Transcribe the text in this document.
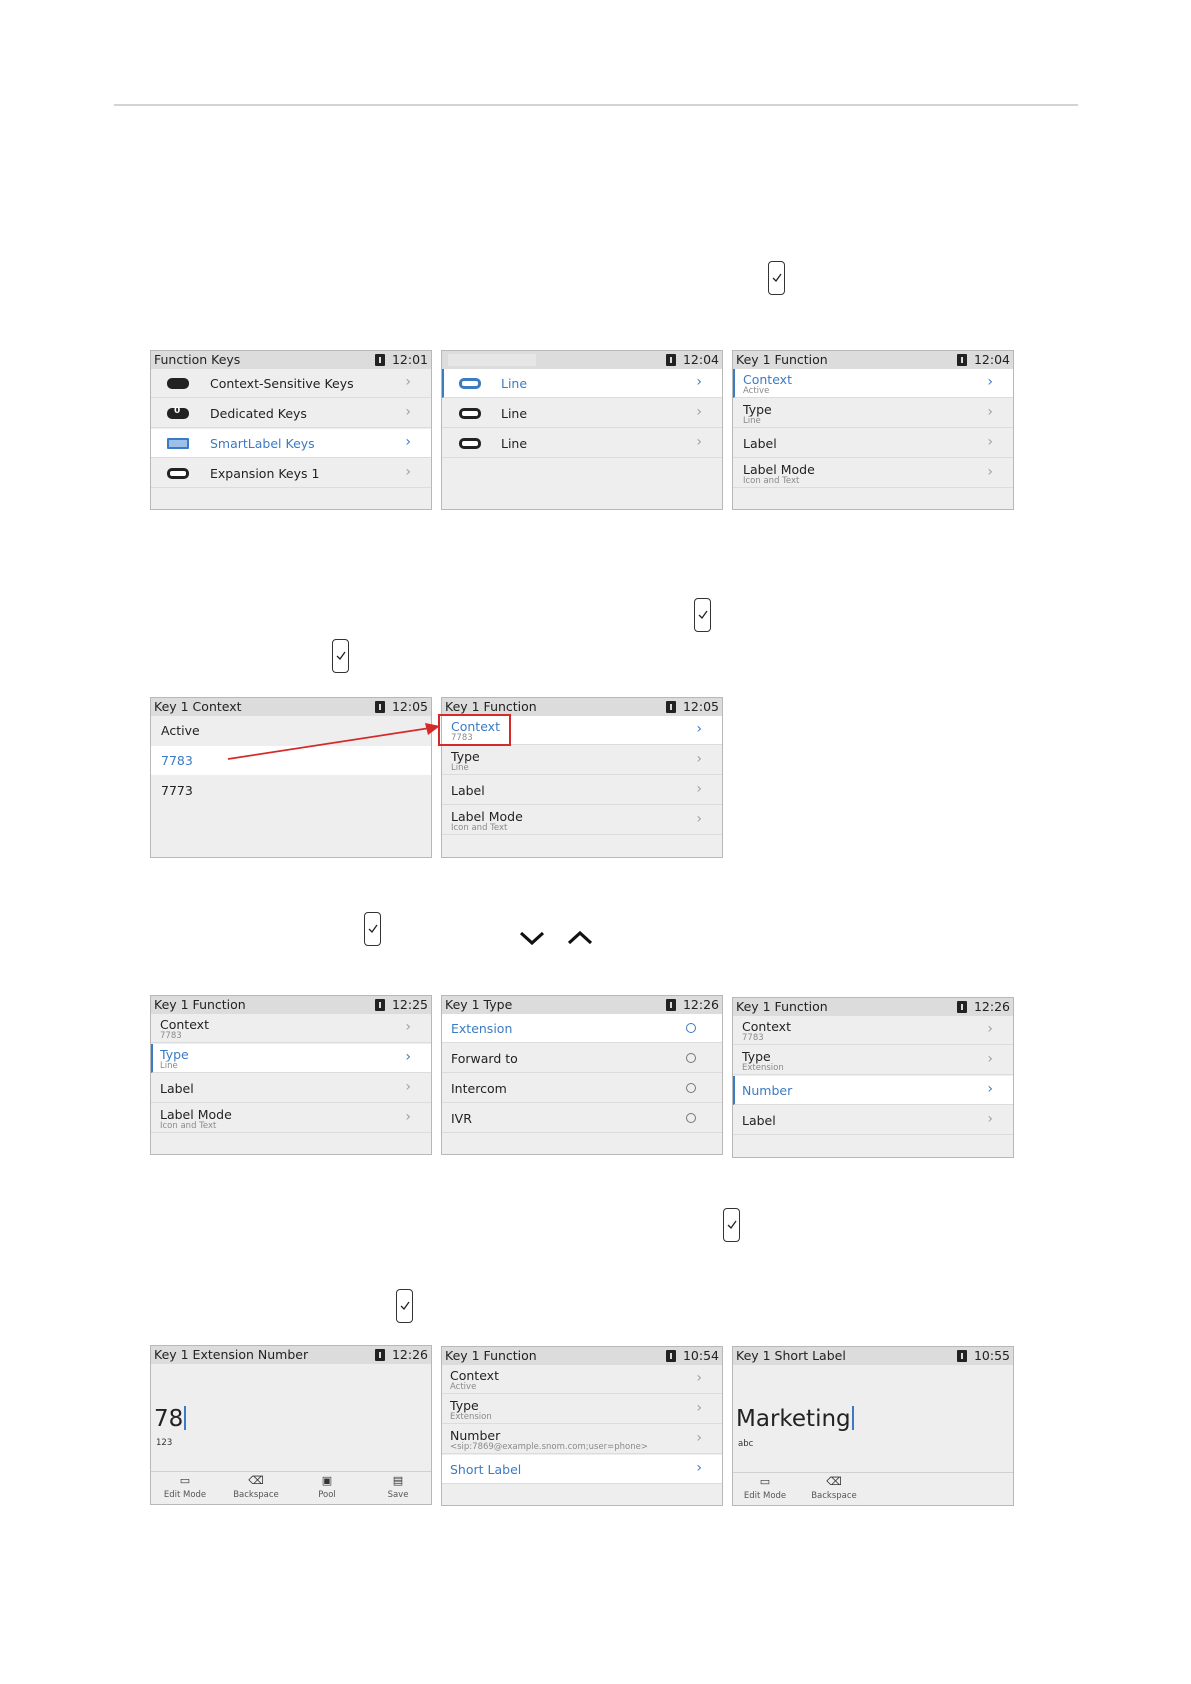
Function Keys	12:01
Context-Sensitive Keys	›
0
Dedicated Keys	›
SmartLabel Keys	›
Expansion Keys 1	›
12:04
Line	›
Line	›
Line	›
Key 1 Function	12:04
Context
Active
›
Type
Line
›
Label	›
Label Mode
Icon and Text
›
Key 1 Context	12:05
Active
7783
7773
Key 1 Function	12:05
Context
7783
›
Type
Line
›
Label	›
Label Mode
Icon and Text
›
Key 1 Function	12:25
Context
7783
›
Type
Line
›
Label	›
Label Mode
Icon and Text
›
Key 1 Type	12:26
Extension
Forward to
Intercom
IVR
Key 1 Function	12:26
Context
7783
›
Type
Extension
›
Number	›
Label	›
Key 1 Extension Number	12:26
78
123
▭
Edit Mode
⌫
Backspace
▣
Pool
▤
Save
Key 1 Function	10:54
Context
Active
›
Type
Extension
›
Number
<sip:7869@example.snom.com;user=phone>
›
Short Label	›
Key 1 Short Label	10:55
Marketing
abc
▭
Edit Mode
⌫
Backspace
